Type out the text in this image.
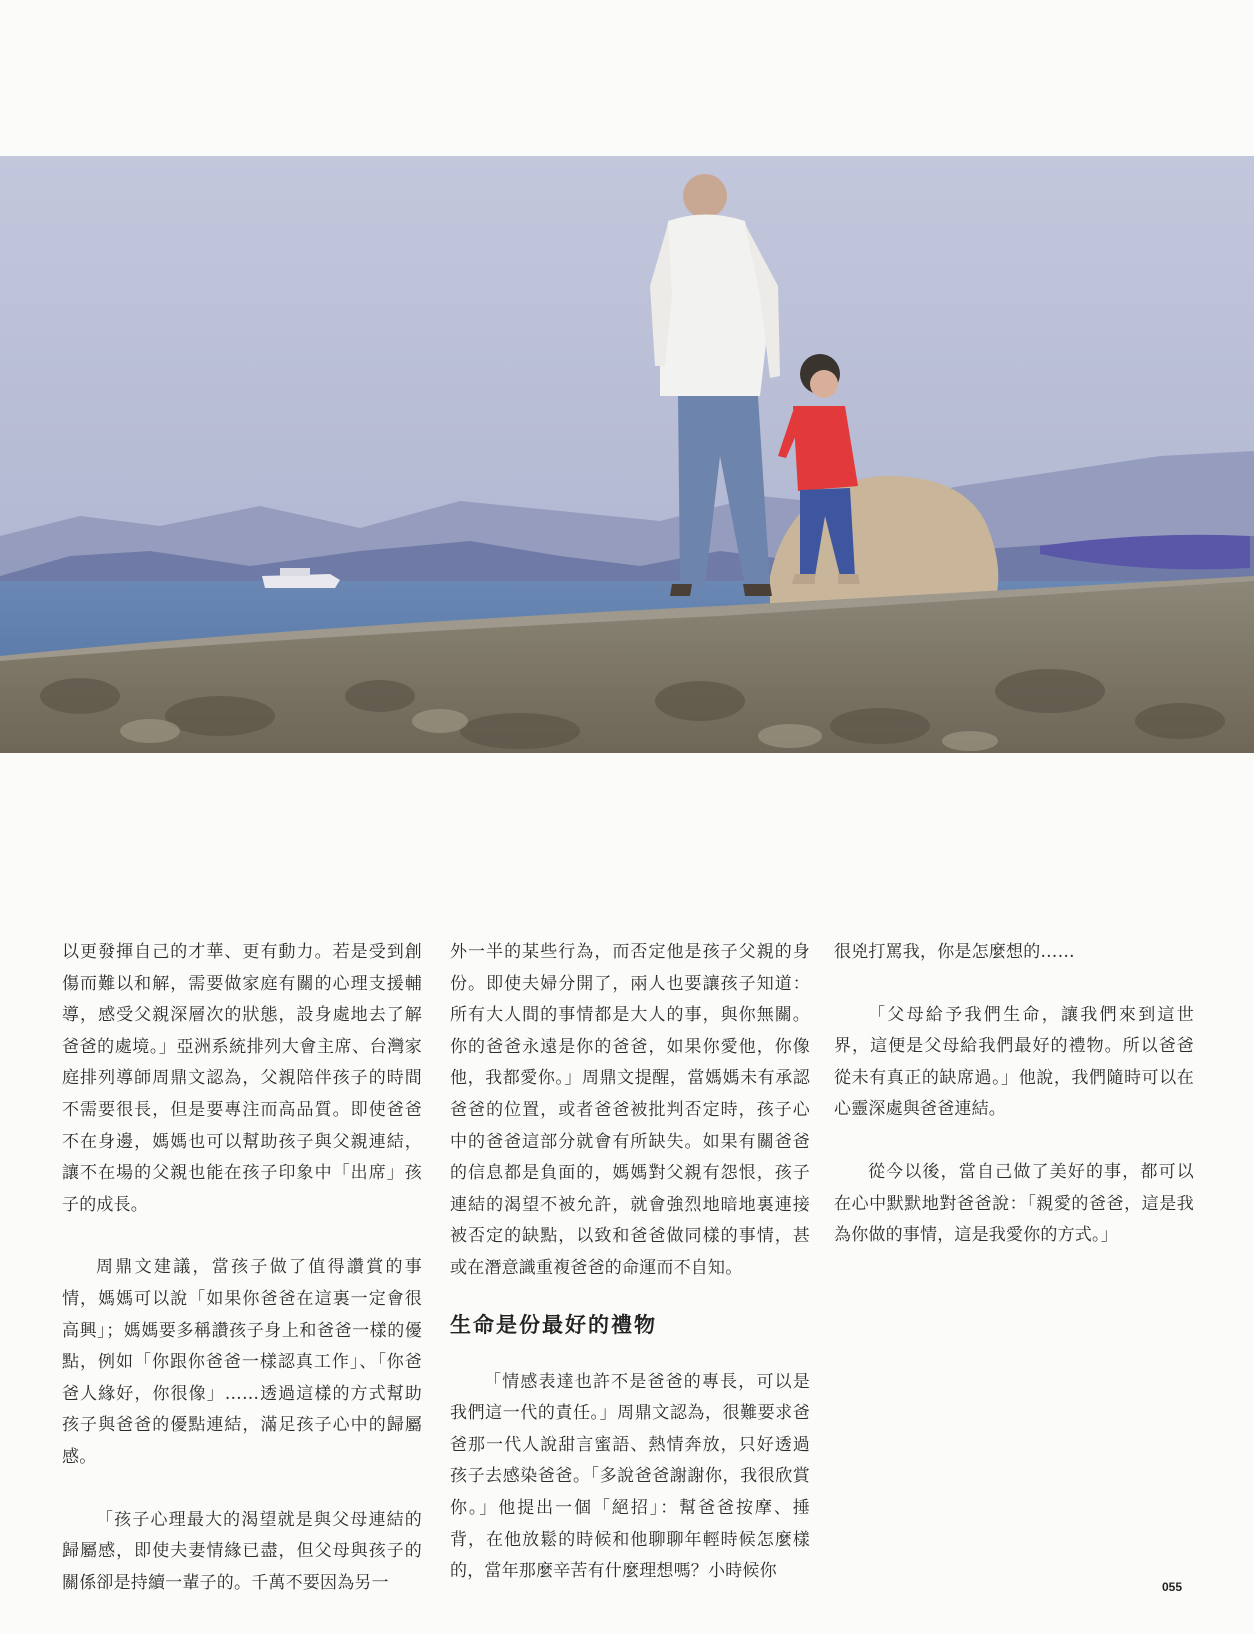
以更發揮自己的才華、更有動力。若是受到創傷而難以和解，需要做家庭有關的心理支援輔導，感受父親深層次的狀態，設身處地去了解爸爸的處境。」亞洲系統排列大會主席、台灣家庭排列導師周鼎文認為，父親陪伴孩子的時間不需要很長，但是要專注而高品質。即使爸爸不在身邊，媽媽也可以幫助孩子與父親連結，讓不在場的父親也能在孩子印象中「出席」孩子的成長。

周鼎文建議，當孩子做了值得讚賞的事情，媽媽可以說「如果你爸爸在這裏一定會很高興」；媽媽要多稱讚孩子身上和爸爸一樣的優點，例如「你跟你爸爸一樣認真工作」、「你爸爸人緣好，你很像」……透過這樣的方式幫助孩子與爸爸的優點連結，滿足孩子心中的歸屬感。

「孩子心理最大的渴望就是與父母連結的歸屬感，即使夫妻情緣已盡，但父母與孩子的關係卻是持續一輩子的。千萬不要因為另一

外一半的某些行為，而否定他是孩子父親的身份。即使夫婦分開了，兩人也要讓孩子知道：所有大人間的事情都是大人的事，與你無關。你的爸爸永遠是你的爸爸，如果你愛他，你像他，我都愛你。」周鼎文提醒，當媽媽未有承認爸爸的位置，或者爸爸被批判否定時，孩子心中的爸爸這部分就會有所缺失。如果有關爸爸的信息都是負面的，媽媽對父親有怨恨，孩子連結的渴望不被允許，就會強烈地暗地裏連接被否定的缺點，以致和爸爸做同樣的事情，甚或在潛意識重複爸爸的命運而不自知。

生命是份最好的禮物

「情感表達也許不是爸爸的專長，可以是我們這一代的責任。」周鼎文認為，很難要求爸爸那一代人說甜言蜜語、熱情奔放，只好透過孩子去感染爸爸。「多說爸爸謝謝你，我很欣賞你。」他提出一個「絕招」：幫爸爸按摩、捶背，在他放鬆的時候和他聊聊年輕時候怎麼樣的，當年那麼辛苦有什麼理想嗎？小時候你

很兇打罵我，你是怎麼想的……

「父母給予我們生命，讓我們來到這世界，這便是父母給我們最好的禮物。所以爸爸從未有真正的缺席過。」他說，我們隨時可以在心靈深處與爸爸連結。

從今以後，當自己做了美好的事，都可以在心中默默地對爸爸說：「親愛的爸爸，這是我為你做的事情，這是我愛你的方式。」

055
